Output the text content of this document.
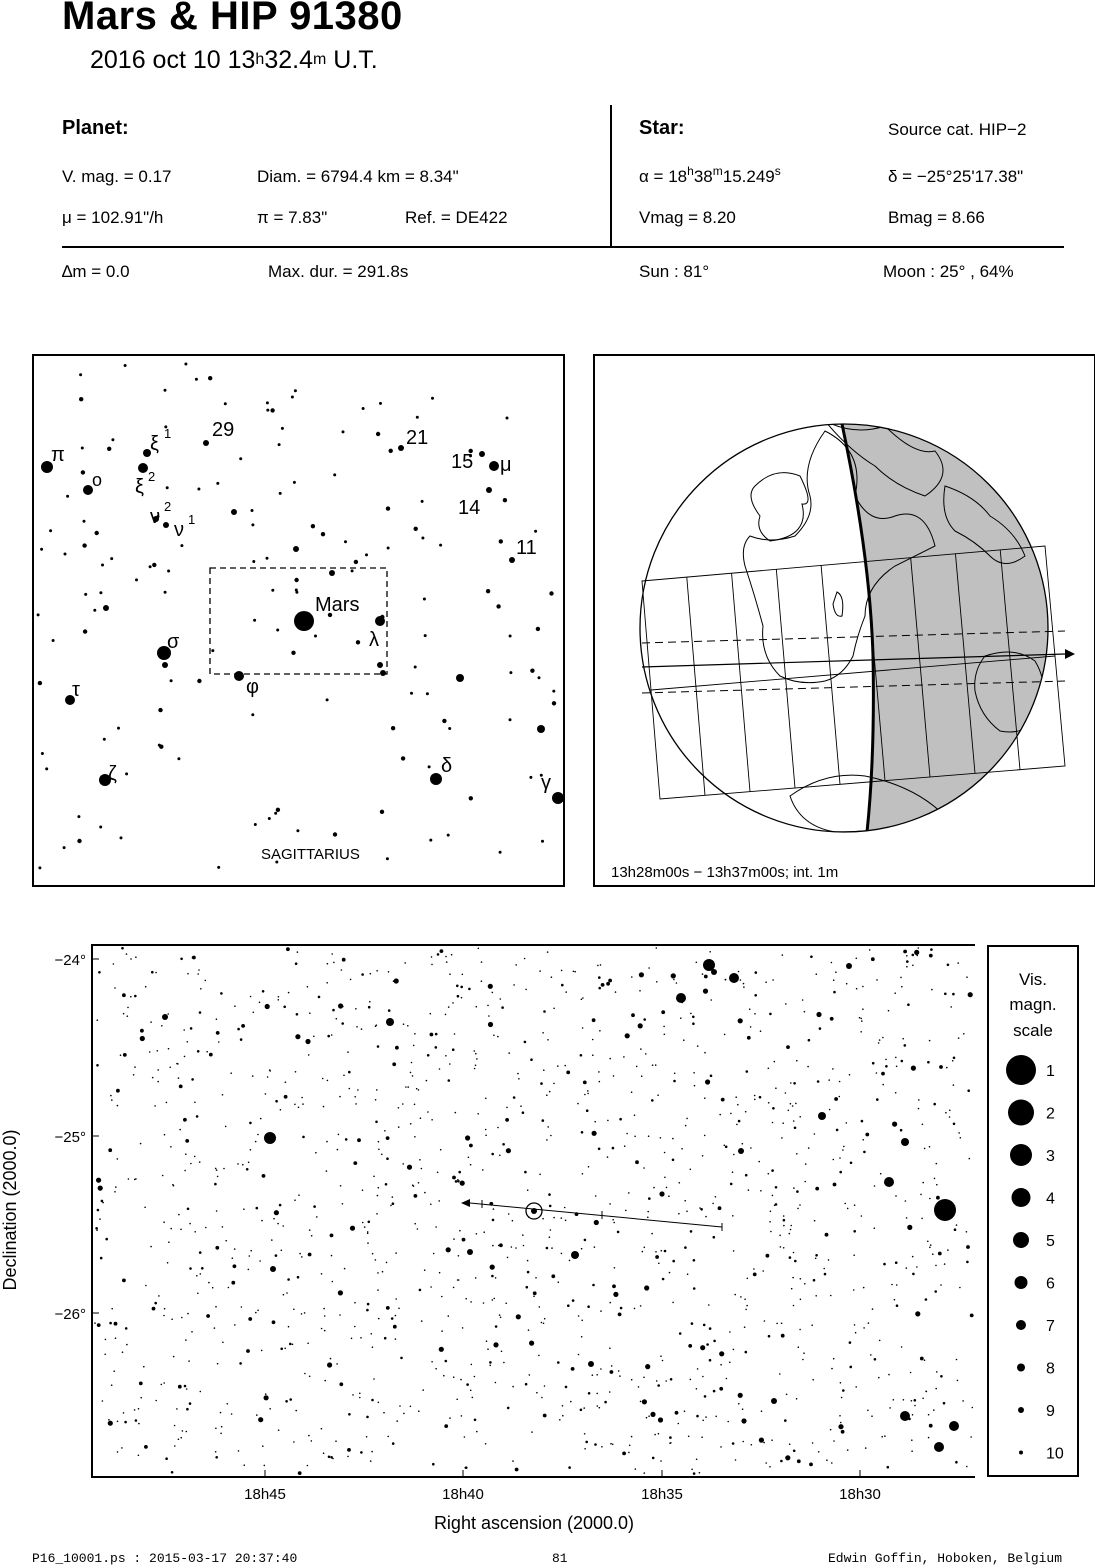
Mars & HIP 91380
2016 oct 10 13$^h$32.4$^m$ U.T.
Planet:
V. mag. = 0.17	Diam. = 6794.4 km = 8.34"
μ = 102.91"/h	π = 7.83"	Ref. = DE422
Star:	Source cat. HIP−2
$\alpha = 18^h38^m15.249^s$	δ = −25°25'17.38"
Vmag = 8.20	Bmag = 8.66
∆m = 0.0	Max. dur. = 291.8s	Sun : 81°	Moon : 25° , 64%
Mars
SAGITTARIUS
π
o
ξ 1
ξ 2
ν 2
ν 1
29	21
15 μ
14
11
σ	λ
φ
τ
ζ	δ
γ
13h28m00s − 13h37m00s; int. 1m
−24°
−25°
−26°
18h45	18h40	18h35	18h30
Right ascension (2000.0)
Declination (2000.0)
Vis.
magn.
scale
1
2
3
4
5
6
7
8
9
10
P16_10001.ps : 2015-03-17 20:37:40	81	Edwin Goffin, Hoboken, Belgium
